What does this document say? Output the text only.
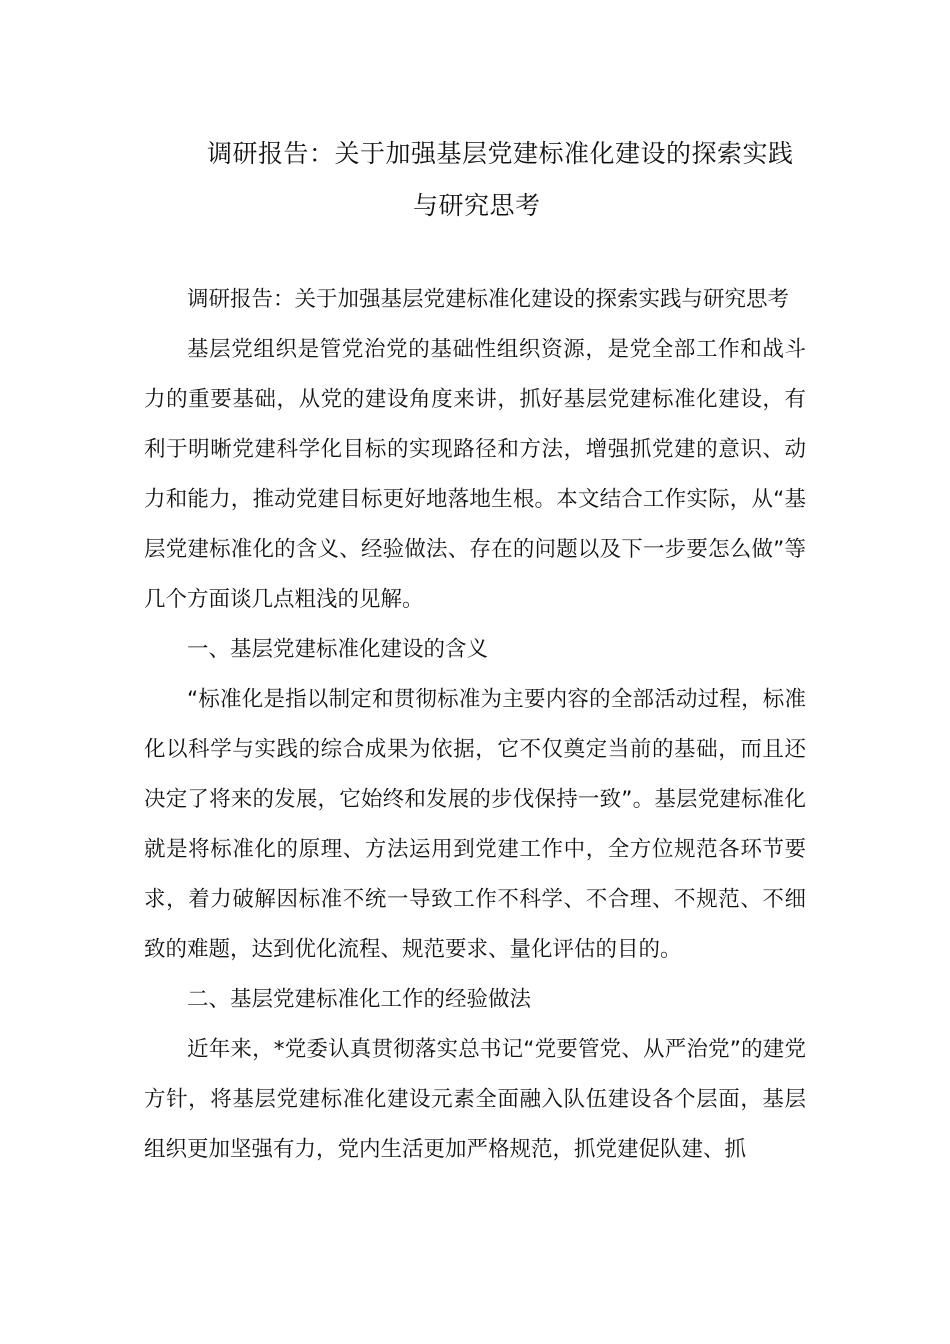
调研报告：关于加强基层党建标准化建设的探索实践
与研究思考

调研报告：关于加强基层党建标准化建设的探索实践与研究思考

基层党组织是管党治党的基础性组织资源，是党全部工作和战斗力的重要基础，从党的建设角度来讲，抓好基层党建标准化建设，有利于明晰党建科学化目标的实现路径和方法，增强抓党建的意识、动力和能力，推动党建目标更好地落地生根。本文结合工作实际，从“基层党建标准化的含义、经验做法、存在的问题以及下一步要怎么做”等几个方面谈几点粗浅的见解。

一、基层党建标准化建设的含义

“标准化是指以制定和贯彻标准为主要内容的全部活动过程，标准化以科学与实践的综合成果为依据，它不仅奠定当前的基础，而且还决定了将来的发展，它始终和发展的步伐保持一致”。基层党建标准化就是将标准化的原理、方法运用到党建工作中，全方位规范各环节要求，着力破解因标准不统一导致工作不科学、不合理、不规范、不细致的难题，达到优化流程、规范要求、量化评估的目的。

二、基层党建标准化工作的经验做法

近年来，*党委认真贯彻落实总书记“党要管党、从严治党”的建党方针，将基层党建标准化建设元素全面融入队伍建设各个层面，基层组织更加坚强有力，党内生活更加严格规范，抓党建促队建、抓
